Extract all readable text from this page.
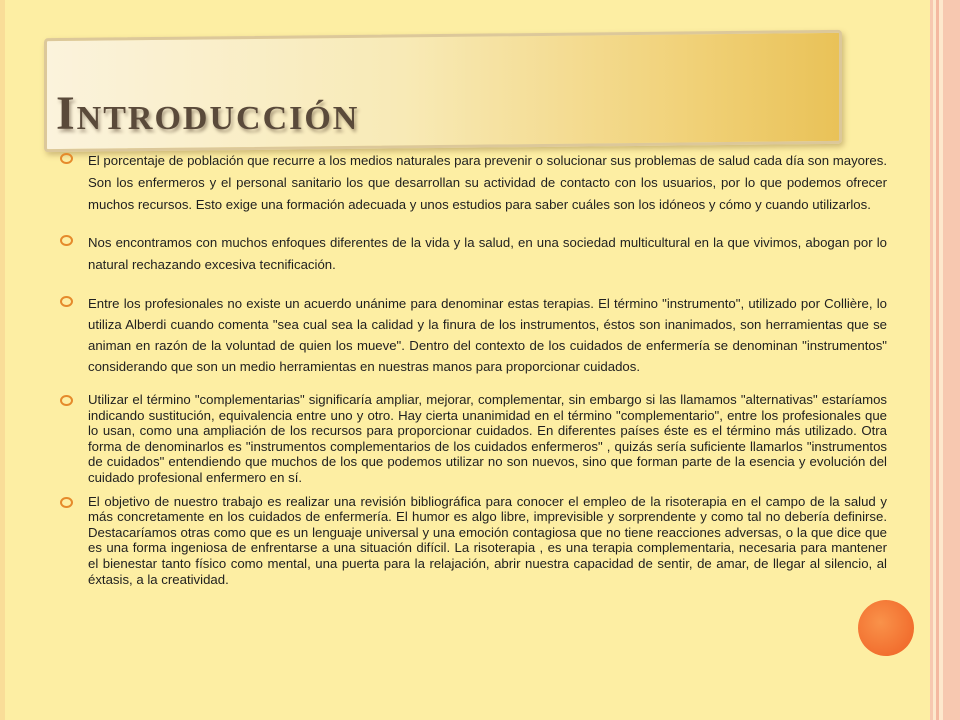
Introducción
El porcentaje de población que recurre a los medios naturales para prevenir o solucionar sus problemas de salud cada día son mayores. Son los enfermeros y el personal sanitario los que desarrollan su actividad de contacto con los usuarios, por lo que podemos ofrecer muchos recursos. Esto exige una formación adecuada y unos estudios para saber cuáles son los idóneos y cómo y cuando utilizarlos.
Nos encontramos con muchos enfoques diferentes de la vida y la salud, en una sociedad multicultural en la que vivimos, abogan por lo natural rechazando excesiva tecnificación.
Entre los profesionales no existe un acuerdo unánime para denominar estas terapias. El término "instrumento", utilizado por Collière, lo utiliza Alberdi cuando comenta "sea cual sea la calidad y la finura de los instrumentos, éstos son inanimados, son herramientas que se animan en razón de la voluntad de quien los mueve". Dentro del contexto de los cuidados de enfermería se denominan "instrumentos" considerando que son un medio herramientas en nuestras manos para proporcionar cuidados.
Utilizar el término "complementarias" significaría ampliar, mejorar, complementar, sin embargo si las llamamos "alternativas" estaríamos indicando sustitución, equivalencia entre uno y otro. Hay cierta unanimidad en el término "complementario", entre los profesionales que lo usan, como una ampliación de los recursos para proporcionar cuidados. En diferentes países éste es el término más utilizado. Otra forma de denominarlos es "instrumentos complementarios de los cuidados enfermeros" , quizás sería suficiente llamarlos "instrumentos de cuidados" entendiendo que muchos de los que podemos utilizar no son nuevos, sino que forman parte de la esencia y evolución del cuidado profesional enfermero en sí.
El objetivo de nuestro trabajo es realizar una revisión bibliográfica para conocer el empleo de la risoterapia en el campo de la salud y más concretamente en los cuidados de enfermería. El humor es algo libre, imprevisible y sorprendente y como tal no debería definirse. Destacaríamos otras como que es un lenguaje universal y una emoción contagiosa que no tiene reacciones adversas, o la que dice que es una forma ingeniosa de enfrentarse a una situación difícil. La risoterapia , es una terapia complementaria, necesaria para mantener el bienestar tanto físico como mental, una puerta para la relajación, abrir nuestra capacidad de sentir, de amar, de llegar al silencio, al éxtasis, a la creatividad.
